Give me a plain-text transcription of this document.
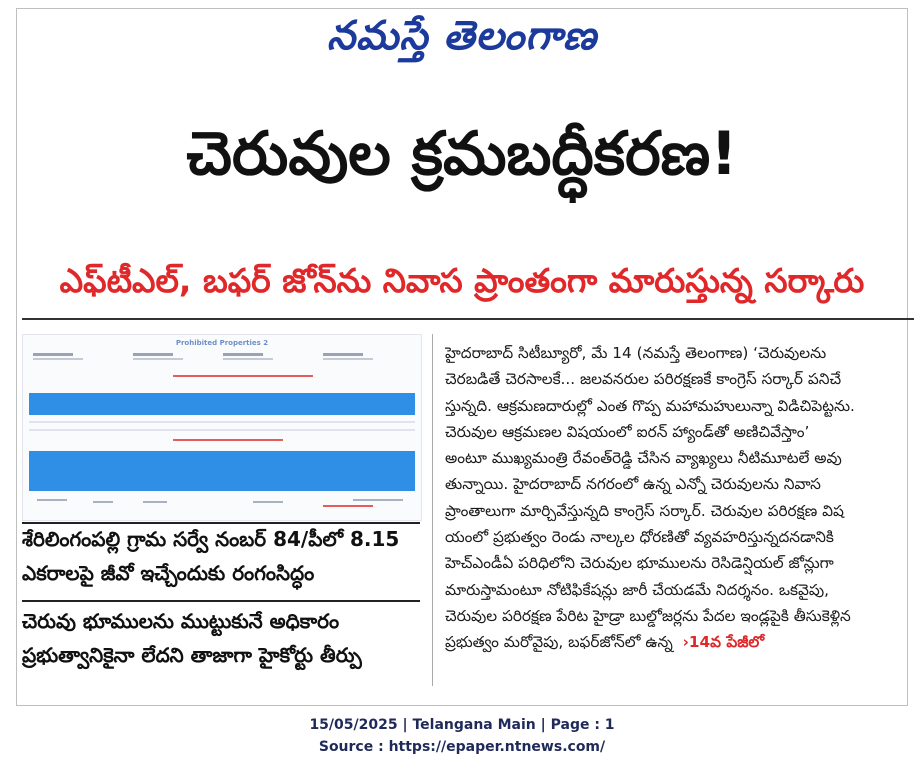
నమస్తే తెలంగాణ
చెరువుల క్రమబద్ధీకరణ!
ఎఫ్‌టీఎల్, బఫర్ జోన్‌ను నివాస ప్రాంతంగా మారుస్తున్న సర్కారు
Prohibited Properties 2
శేరిలింగంపల్లి గ్రామ సర్వే నంబర్ 84/పీలో 8.15 ఎకరాలపై జీవో ఇచ్చేందుకు రంగంసిద్ధం
చెరువు భూములను ముట్టుకునే అధికారం ప్రభుత్వానికైనా లేదని తాజాగా హైకోర్టు తీర్పు
హైదరాబాద్ సిటీబ్యూరో, మే 14 (నమస్తే తెలంగాణ) ‘చెరువులను
చెరబడితే చెరసాలకే... జలవనరుల పరిరక్షణకే కాంగ్రెస్ సర్కార్ పనిచే
స్తున్నది. ఆక్రమణదారుల్లో ఎంత గొప్ప మహామహులున్నా విడిచిపెట్టను.
చెరువుల ఆక్రమణల విషయంలో ఐరన్ హ్యాండ్‌తో అణిచివేస్తాం’
అంటూ ముఖ్యమంత్రి రేవంత్‌రెడ్డి చేసిన వ్యాఖ్యలు నీటిమూటలే అవు
తున్నాయి. హైదరాబాద్ నగరంలో ఉన్న ఎన్నో చెరువులను నివాస
ప్రాంతాలుగా మార్చివేస్తున్నది కాంగ్రెస్ సర్కార్. చెరువుల పరిరక్షణ విష
యంలో ప్రభుత్వం రెండు నాల్కల ధోరణితో వ్యవహరిస్తున్నదనడానికి
హెచ్‌ఎండీఏ పరిధిలోని చెరువుల భూములను రెసిడెన్షియల్ జోన్లుగా
మారుస్తామంటూ నోటిఫికేషన్లు జారీ చేయడమే నిదర్శనం. ఒకవైపు,
చెరువుల పరిరక్షణ పేరిట హైడ్రా బుల్డోజర్లను పేదల ఇండ్లపైకి తీసుకెళ్లిన
ప్రభుత్వం మరోవైపు, బఫర్‌జోన్‌లో ఉన్న ›14వ పేజీలో
15/05/2025 | Telangana Main | Page : 1
Source : https://epaper.ntnews.com/
